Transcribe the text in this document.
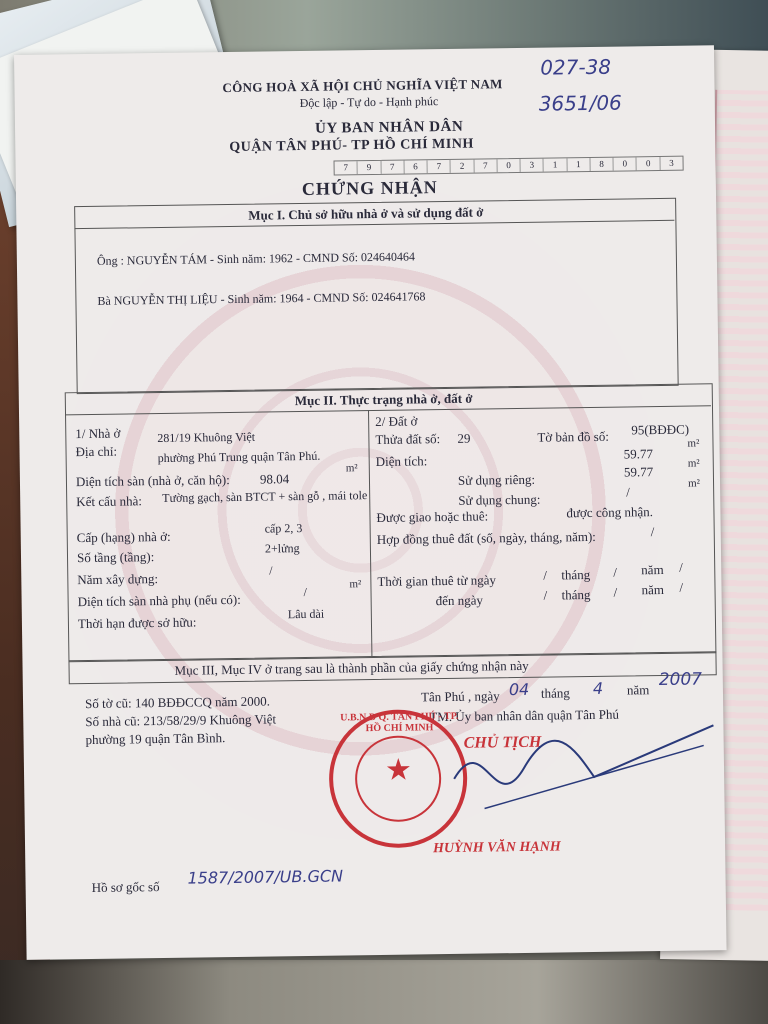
CÔNG HOÀ XÃ HỘI CHỦ NGHĨA VIỆT NAM
Độc lập - Tự do - Hạnh phúc
ỦY BAN NHÂN DÂN
QUẬN TÂN PHÚ- TP HỒ CHÍ MINH
027-38
3651/06
7	9	7	6	7	2	7	0	3	1	1	8	0	0	3
CHỨNG NHẬN
Mục I. Chủ sở hữu nhà ở và sử dụng đất ở
Ông : NGUYỄN TÁM - Sinh năm: 1962 - CMND Số: 024640464
Bà NGUYỄN THỊ LIỆU - Sinh năm: 1964 - CMND Số: 024641768
Mục II. Thực trạng nhà ở, đất ở
1/ Nhà ở
Địa chỉ:
281/19 Khuông Việt
phường Phú Trung quận Tân Phú.
Diện tích sàn (nhà ở, căn hộ): 98.04
m²
Kết cấu nhà: Tường gạch, sàn BTCT + sàn gỗ , mái tole
Cấp (hạng) nhà ở:
cấp 2, 3
Số tầng (tầng):
2+lửng
Năm xây dựng:
/
Diện tích sàn nhà phụ (nếu có):	/
m²
Thời hạn được sở hữu:
Lâu dài
2/ Đất ở
Thửa đất số: 29	Tờ bản đồ số: 95(BĐĐC)
Diện tích:	59.77
m²
Sử dụng riêng:	59.77
m²
Sử dụng chung:	/
m²
Được giao hoặc thuê:	được công nhận.
Hợp đồng thuê đất (số, ngày, tháng, năm):	/
Thời gian thuê từ ngày	/ tháng / năm /
đến ngày	/ tháng / năm /
Mục III, Mục IV ở trang sau là thành phần của giấy chứng nhận này
Số tờ cũ: 140 BĐĐCCQ năm 2000.
Số nhà cũ: 213/58/29/9 Khuông Việt
phường 19 quận Tân Bình.
Tân Phú , ngày 04 tháng 4 năm 2007
TM. Ủy ban nhân dân quận Tân Phú
CHỦ TỊCH
U.B.N.D Q. TÂN PHÚ - TP. HỒ CHÍ MINH
★
HUỲNH VĂN HẠNH
Hồ sơ gốc số 1587/2007/UB.GCN
